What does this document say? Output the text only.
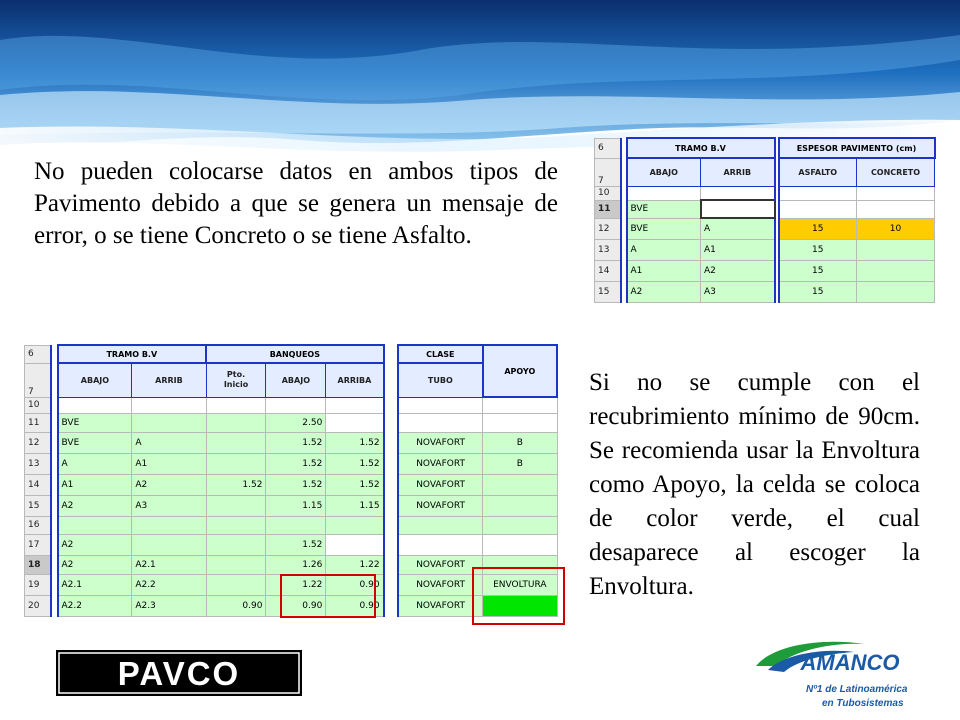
No pueden colocarse datos en ambos tipos de Pavimento debido a que se genera un mensaje de error, o se tiene Concreto o se tiene Asfalto.

Si no se cumple con el recubrimiento mínimo de 90cm. Se recomienda usar la Envoltura como Apoyo, la celda se coloca de color verde, el cual desaparece al escoger la Envoltura.

6		TRAMO B.V			ESPESOR PAVIMENTO (cm)	
7		ABAJO	ARRIB		ASFALTO	CONCRETO
10						
11		BVE				
12		BVE	A		15	10
13		A	A1		15	
14		A1	A2		15	
15		A2	A3		15	
6		TRAMO B.V		BANQUEOS				CLASE	APOYO
7		ABAJO	ARRIB	Pto.
Inicio	ABAJO	ARRIBA		TUBO	
10									
11		BVE			2.50				
12		BVE	A		1.52	1.52		NOVAFORT	B
13		A	A1		1.52	1.52		NOVAFORT	B
14		A1	A2	1.52	1.52	1.52		NOVAFORT	
15		A2	A3		1.15	1.15		NOVAFORT	
16									
17		A2			1.52				
18		A2	A2.1		1.26	1.22		NOVAFORT	
19		A2.1	A2.2		1.22	0.90		NOVAFORT	ENVOLTURA
20		A2.2	A2.3	0.90	0.90	0.90		NOVAFORT	
PAVCO	AMANCO
Nº1 de Latinoamérica
en Tubosistemas
